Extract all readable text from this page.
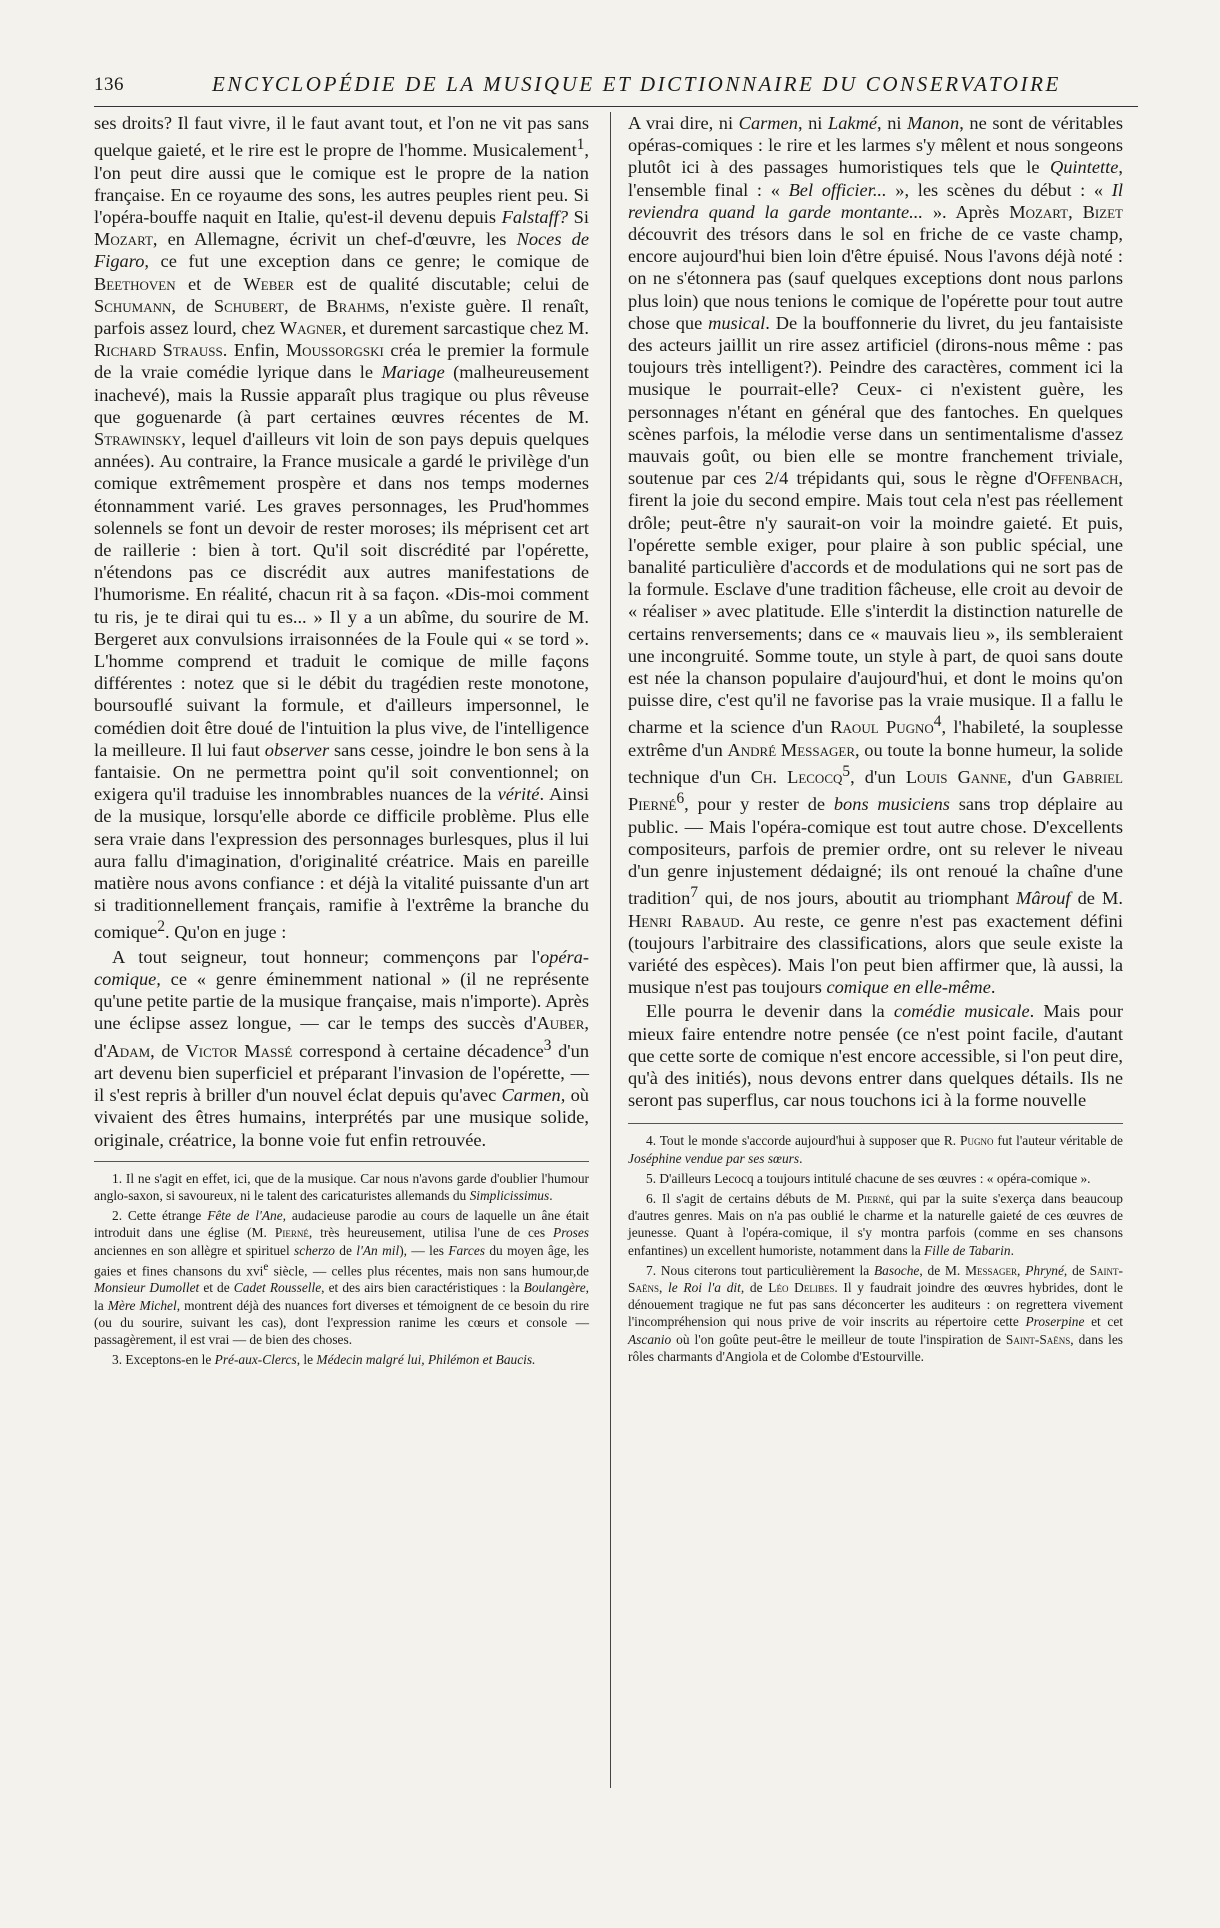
136	ENCYCLOPÉDIE DE LA MUSIQUE ET DICTIONNAIRE DU CONSERVATOIRE

ses droits? Il faut vivre, il le faut avant tout, et l'on ne vit pas sans quelque gaieté, et le rire est le propre de l'homme. Musicalement$^1$, l'on peut dire aussi que le comique est le propre de la nation française. En ce royaume des sons, les autres peuples rient peu. Si l'opéra-bouffe naquit en Italie, qu'est-il devenu depuis Falstaff? Si Mozart, en Allemagne, écrivit un chef-d'œuvre, les Noces de Figaro, ce fut une exception dans ce genre; le comique de Beethoven et de Weber est de qualité discutable; celui de Schumann, de Schubert, de Brahms, n'existe guère. Il renaît, parfois assez lourd, chez Wagner, et durement sarcastique chez M. Richard Strauss. Enfin, Moussorgski créa le premier la formule de la vraie comédie lyrique dans le Mariage (malheureusement inachevé), mais la Russie apparaît plus tragique ou plus rêveuse que goguenarde (à part certaines œuvres récentes de M. Strawinsky, lequel d'ailleurs vit loin de son pays depuis quelques années). Au contraire, la France musicale a gardé le privilège d'un comique extrêmement prospère et dans nos temps modernes étonnamment varié. Les graves personnages, les Prud'hommes solennels se font un devoir de rester moroses; ils méprisent cet art de raillerie : bien à tort. Qu'il soit discrédité par l'opérette, n'étendons pas ce discrédit aux autres manifestations de l'humorisme. En réalité, chacun rit à sa façon. «Dis-moi comment tu ris, je te dirai qui tu es... » Il y a un abîme, du sourire de M. Bergeret aux convulsions irraisonnées de la Foule qui « se tord ». L'homme comprend et traduit le comique de mille façons différentes : notez que si le débit du tragédien reste monotone, boursouflé suivant la formule, et d'ailleurs impersonnel, le comédien doit être doué de l'intuition la plus vive, de l'intelligence la meilleure. Il lui faut observer sans cesse, joindre le bon sens à la fantaisie. On ne permettra point qu'il soit conventionnel; on exigera qu'il traduise les innombrables nuances de la vérité. Ainsi de la musique, lorsqu'elle aborde ce difficile problème. Plus elle sera vraie dans l'expression des personnages burlesques, plus il lui aura fallu d'imagination, d'originalité créatrice. Mais en pareille matière nous avons confiance : et déjà la vitalité puissante d'un art si traditionnellement français, ramifie à l'extrême la branche du comique$^2$. Qu'on en juge :

A tout seigneur, tout honneur; commençons par l'opéra-comique, ce « genre éminemment national » (il ne représente qu'une petite partie de la musique française, mais n'importe). Après une éclipse assez longue, — car le temps des succès d'Auber, d'Adam, de Victor Massé correspond à certaine décadence$^3$ d'un art devenu bien superficiel et préparant l'invasion de l'opérette, — il s'est repris à briller d'un nouvel éclat depuis qu'avec Carmen, où vivaient des êtres humains, interprétés par une musique solide, originale, créatrice, la bonne voie fut enfin retrouvée.

1. Il ne s'agit en effet, ici, que de la musique. Car nous n'avons garde d'oublier l'humour anglo-saxon, si savoureux, ni le talent des caricaturistes allemands du Simplicissimus.

2. Cette étrange Fête de l'Ane, audacieuse parodie au cours de laquelle un âne était introduit dans une église (M. Pierné, très heureusement, utilisa l'une de ces Proses anciennes en son allègre et spirituel scherzo de l'An mil), — les Farces du moyen âge, les gaies et fines chansons du xvi$^e$ siècle, — celles plus récentes, mais non sans humour,de Monsieur Dumollet et de Cadet Rousselle, et des airs bien caractéristiques : la Boulangère, la Mère Michel, montrent déjà des nuances fort diverses et témoignent de ce besoin du rire (ou du sourire, suivant les cas), dont l'expression ranime les cœurs et console — passagèrement, il est vrai — de bien des choses.

3. Exceptons-en le Pré-aux-Clercs, le Médecin malgré lui, Philémon et Baucis.

A vrai dire, ni Carmen, ni Lakmé, ni Manon, ne sont de véritables opéras-comiques : le rire et les larmes s'y mêlent et nous songeons plutôt ici à des passages humoristiques tels que le Quintette, l'ensemble final : « Bel officier... », les scènes du début : « Il reviendra quand la garde montante... ». Après Mozart, Bizet découvrit des trésors dans le sol en friche de ce vaste champ, encore aujourd'hui bien loin d'être épuisé. Nous l'avons déjà noté : on ne s'étonnera pas (sauf quelques exceptions dont nous parlons plus loin) que nous tenions le comique de l'opérette pour tout autre chose que musical. De la bouffonnerie du livret, du jeu fantaisiste des acteurs jaillit un rire assez artificiel (dirons-nous même : pas toujours très intelligent?). Peindre des caractères, comment ici la musique le pourrait-elle? Ceux- ci n'existent guère, les personnages n'étant en général que des fantoches. En quelques scènes parfois, la mélodie verse dans un sentimentalisme d'assez mauvais goût, ou bien elle se montre franchement triviale, soutenue par ces 2/4 trépidants qui, sous le règne d'Offenbach, firent la joie du second empire. Mais tout cela n'est pas réellement drôle; peut-être n'y saurait-on voir la moindre gaieté. Et puis, l'opérette semble exiger, pour plaire à son public spécial, une banalité particulière d'accords et de modulations qui ne sort pas de la formule. Esclave d'une tradition fâcheuse, elle croit au devoir de « réaliser » avec platitude. Elle s'interdit la distinction naturelle de certains renversements; dans ce « mauvais lieu », ils sembleraient une incongruité. Somme toute, un style à part, de quoi sans doute est née la chanson populaire d'aujourd'hui, et dont le moins qu'on puisse dire, c'est qu'il ne favorise pas la vraie musique. Il a fallu le charme et la science d'un Raoul Pugno$^4$, l'habileté, la souplesse extrême d'un André Messager, ou toute la bonne humeur, la solide technique d'un Ch. Lecocq$^5$, d'un Louis Ganne, d'un Gabriel Pierné$^6$, pour y rester de bons musiciens sans trop déplaire au public. — Mais l'opéra-comique est tout autre chose. D'excellents compositeurs, parfois de premier ordre, ont su relever le niveau d'un genre injustement dédaigné; ils ont renoué la chaîne d'une tradition$^7$ qui, de nos jours, aboutit au triomphant Mârouf de M. Henri Rabaud. Au reste, ce genre n'est pas exactement défini (toujours l'arbitraire des classifications, alors que seule existe la variété des espèces). Mais l'on peut bien affirmer que, là aussi, la musique n'est pas toujours comique en elle-même.

Elle pourra le devenir dans la comédie musicale. Mais pour mieux faire entendre notre pensée (ce n'est point facile, d'autant que cette sorte de comique n'est encore accessible, si l'on peut dire, qu'à des initiés), nous devons entrer dans quelques détails. Ils ne seront pas superflus, car nous touchons ici à la forme nouvelle

4. Tout le monde s'accorde aujourd'hui à supposer que R. Pugno fut l'auteur véritable de Joséphine vendue par ses sœurs.

5. D'ailleurs Lecocq a toujours intitulé chacune de ses œuvres : « opéra-comique ».

6. Il s'agit de certains débuts de M. Pierné, qui par la suite s'exerça dans beaucoup d'autres genres. Mais on n'a pas oublié le charme et la naturelle gaieté de ces œuvres de jeunesse. Quant à l'opéra-comique, il s'y montra parfois (comme en ses chansons enfantines) un excellent humoriste, notamment dans la Fille de Tabarin.

7. Nous citerons tout particulièrement la Basoche, de M. Messager, Phryné, de Saint-Saëns, le Roi l'a dit, de Léo Delibes. Il y faudrait joindre des œuvres hybrides, dont le dénouement tragique ne fut pas sans déconcerter les auditeurs : on regrettera vivement l'incompréhension qui nous prive de voir inscrits au répertoire cette Proserpine et cet Ascanio où l'on goûte peut-être le meilleur de toute l'inspiration de Saint-Saëns, dans les rôles charmants d'Angiola et de Colombe d'Estourville.
